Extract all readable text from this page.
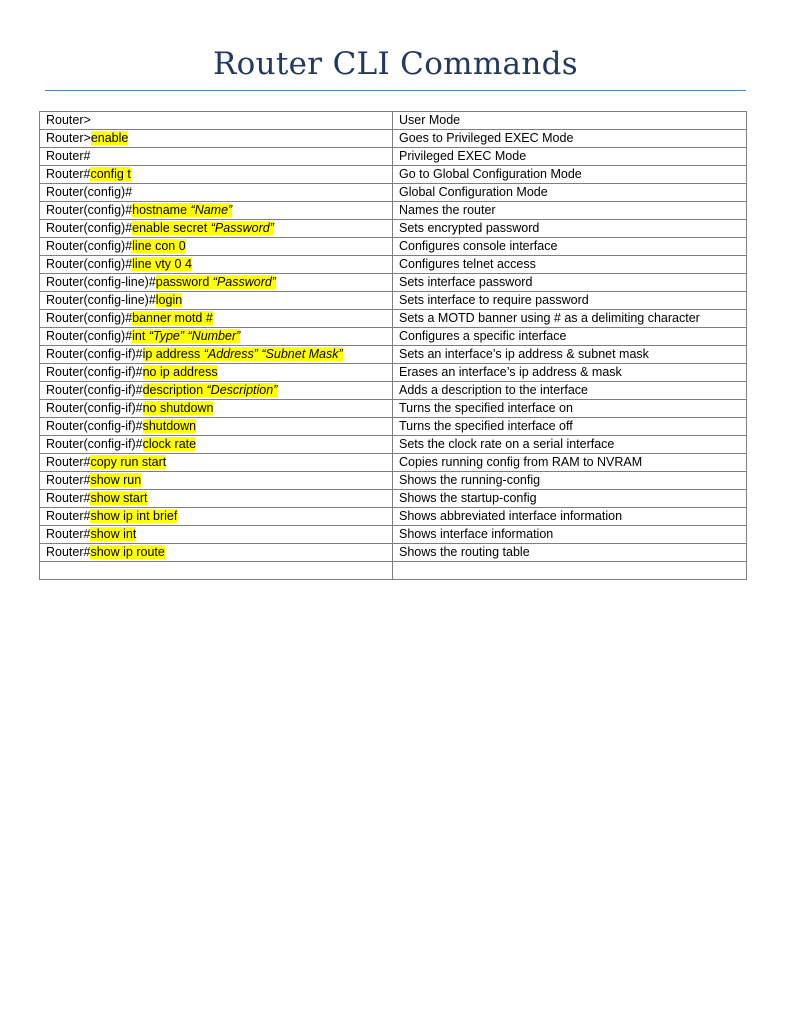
Router CLI Commands
Router>	User Mode
Router>enable	Goes to Privileged EXEC Mode
Router#	Privileged EXEC Mode
Router#config t	Go to Global Configuration Mode
Router(config)#	Global Configuration Mode
Router(config)#hostname “Name”	Names the router
Router(config)#enable secret “Password”	Sets encrypted password
Router(config)#line con 0	Configures console interface
Router(config)#line vty 0 4	Configures telnet access
Router(config-line)#password “Password”	Sets interface password
Router(config-line)#login	Sets interface to require password
Router(config)#banner motd #	Sets a MOTD banner using # as a delimiting character
Router(config)#int “Type” “Number”	Configures a specific interface
Router(config-if)#ip address “Address” “Subnet Mask”	Sets an interface’s ip address & subnet mask
Router(config-if)#no ip address	Erases an interface’s ip address & mask
Router(config-if)#description “Description”	Adds a description to the interface
Router(config-if)#no shutdown	Turns the specified interface on
Router(config-if)#shutdown	Turns the specified interface off
Router(config-if)#clock rate	Sets the clock rate on a serial interface
Router#copy run start	Copies running config from RAM to NVRAM
Router#show run	Shows the running-config
Router#show start	Shows the startup-config
Router#show ip int brief	Shows abbreviated interface information
Router#show int	Shows interface information
Router#show ip route	Shows the routing table
